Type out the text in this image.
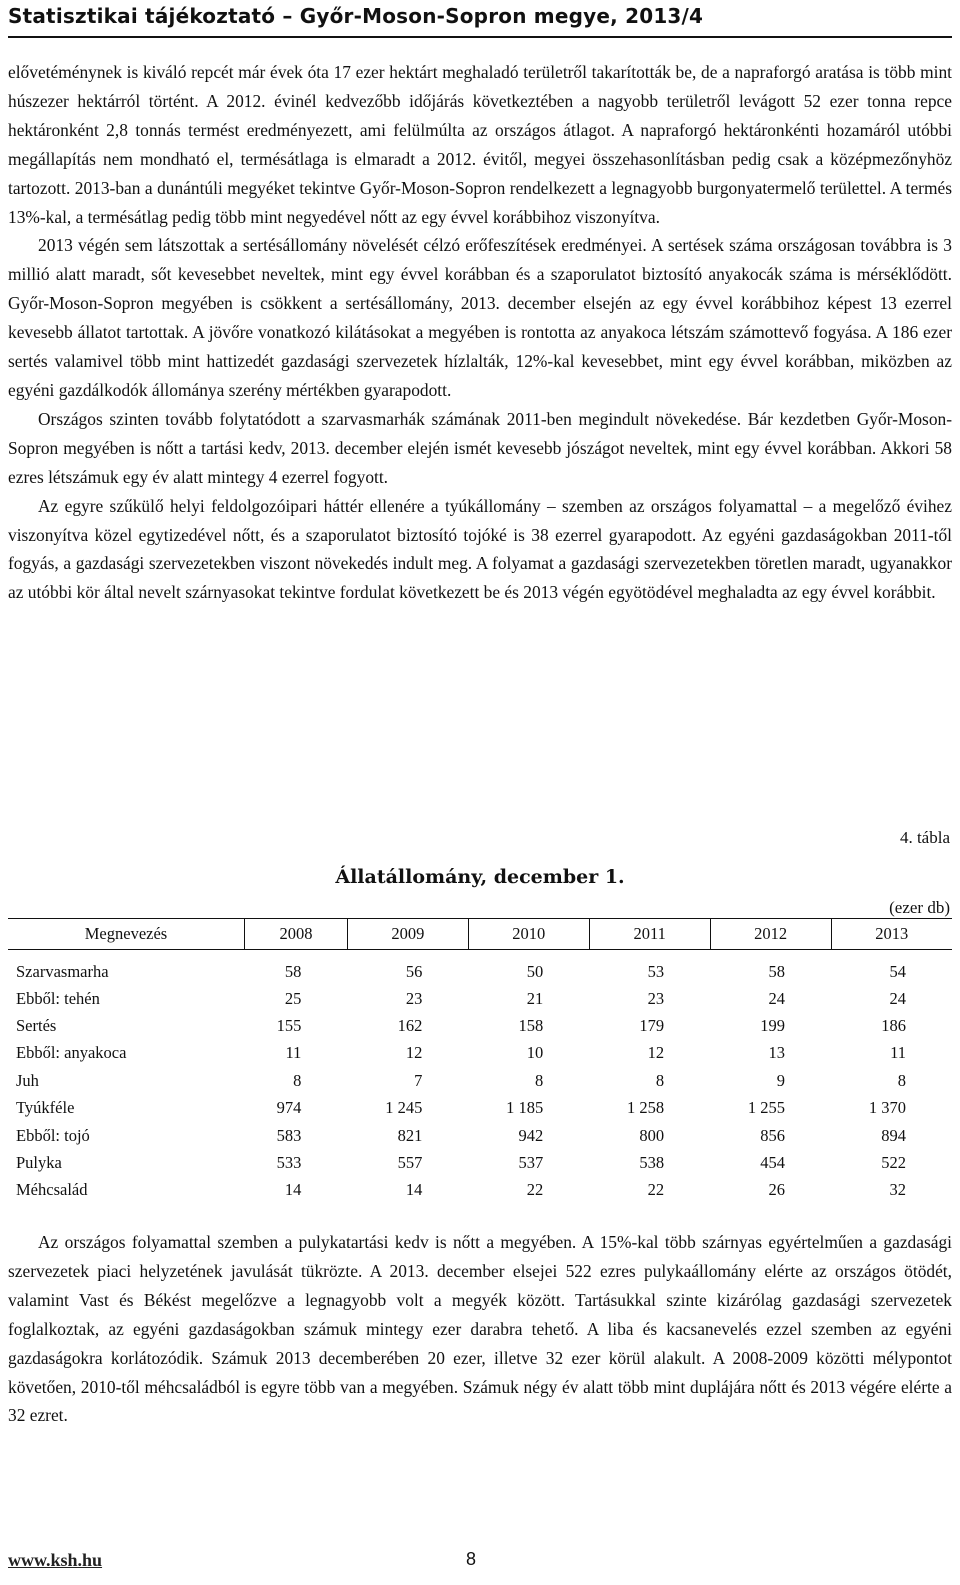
Statisztikai tájékoztató – Győr-Moson-Sopron megye, 2013/4

elővetéménynek is kiváló repcét már évek óta 17 ezer hektárt meghaladó területről takarították be, de a napraforgó aratása is több mint húszezer hektárról történt. A 2012. évinél kedvezőbb időjárás következtében a nagyobb területről levágott 52 ezer tonna repce hektáronként 2,8 tonnás termést eredményezett, ami felülmúlta az országos átlagot. A napraforgó hektáronkénti hozamáról utóbbi megállapítás nem mondható el, termésátlaga is elmaradt a 2012. évitől, megyei összehasonlításban pedig csak a középmezőnyhöz tartozott. 2013-ban a dunántúli megyéket tekintve Győr-Moson-Sopron rendelkezett a legnagyobb burgonyatermelő területtel. A termés 13%-kal, a termésátlag pedig több mint negyedével nőtt az egy évvel korábbihoz viszonyítva.

2013 végén sem látszottak a sertésállomány növelését célzó erőfeszítések eredményei. A sertések száma országosan továbbra is 3 millió alatt maradt, sőt kevesebbet neveltek, mint egy évvel korábban és a szaporulatot biztosító anyakocák száma is mérséklődött. Győr-Moson-Sopron megyében is csökkent a sertésállomány, 2013. december elsején az egy évvel korábbihoz képest 13 ezerrel kevesebb állatot tartottak. A jövőre vonatkozó kilátásokat a megyében is rontotta az anyakoca létszám számottevő fogyása. A 186 ezer sertés valamivel több mint hattizedét gazdasági szervezetek hízlalták, 12%-kal kevesebbet, mint egy évvel korábban, miközben az egyéni gazdálkodók állománya szerény mértékben gyarapodott.

Országos szinten tovább folytatódott a szarvasmarhák számának 2011-ben megindult növekedése. Bár kezdetben Győr-Moson-Sopron megyében is nőtt a tartási kedv, 2013. december elején ismét kevesebb jószágot neveltek, mint egy évvel korábban. Akkori 58 ezres létszámuk egy év alatt mintegy 4 ezerrel fogyott.

Az egyre szűkülő helyi feldolgozóipari háttér ellenére a tyúkállomány – szemben az országos folyamattal – a megelőző évihez viszonyítva közel egytizedével nőtt, és a szaporulatot biztosító tojóké is 38 ezerrel gyarapodott. Az egyéni gazdaságokban 2011-től fogyás, a gazdasági szervezetekben viszont növekedés indult meg. A folyamat a gazdasági szervezetekben töretlen maradt, ugyanakkor az utóbbi kör által nevelt szárnyasokat tekintve fordulat következett be és 2013 végén egyötödével meghaladta az egy évvel korábbit.

4. tábla
Állatállomány, december 1.
(ezer db)
Megnevezés	2008	2009	2010	2011	2012	2013
Szarvasmarha	58	56	50	53	58	54
Ebből: tehén	25	23	21	23	24	24
Sertés	155	162	158	179	199	186
Ebből: anyakoca	11	12	10	12	13	11
Juh	8	7	8	8	9	8
Tyúkféle	974	1 245	1 185	1 258	1 255	1 370
Ebből: tojó	583	821	942	800	856	894
Pulyka	533	557	537	538	454	522
Méhcsalád	14	14	22	22	26	32

Az országos folyamattal szemben a pulykatartási kedv is nőtt a megyében. A 15%-kal több szárnyas egyértelműen a gazdasági szervezetek piaci helyzetének javulását tükrözte. A 2013. december elsejei 522 ezres pulykaállomány elérte az országos ötödét, valamint Vast és Békést megelőzve a legnagyobb volt a megyék között. Tartásukkal szinte kizárólag gazdasági szervezetek foglalkoztak, az egyéni gazdaságokban számuk mintegy ezer darabra tehető. A liba és kacsanevelés ezzel szemben az egyéni gazdaságokra korlátozódik. Számuk 2013 decemberében 20 ezer, illetve 32 ezer körül alakult. A 2008-2009 közötti mélypontot követően, 2010-től méhcsaládból is egyre több van a megyében. Számuk négy év alatt több mint duplájára nőtt és 2013 végére elérte a 32 ezret.

www.ksh.hu	8
